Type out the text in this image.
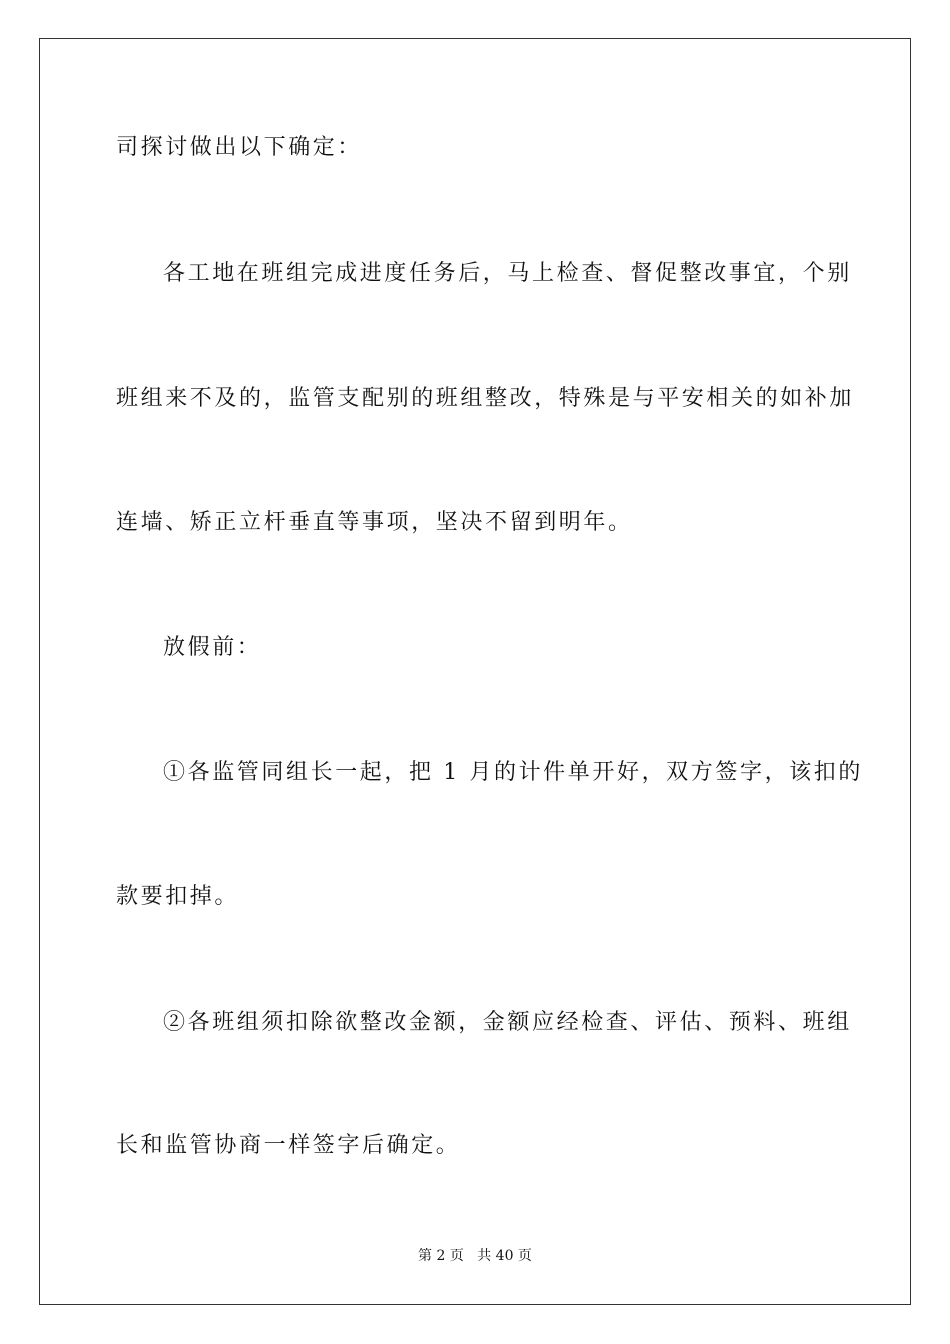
司探讨做出以下确定：
各工地在班组完成进度任务后，马上检查、督促整改事宜，个别
班组来不及的，监管支配别的班组整改，特殊是与平安相关的如补加
连墙、矫正立杆垂直等事项，坚决不留到明年。
放假前：
①各监管同组长一起，把 1 月的计件单开好，双方签字，该扣的
款要扣掉。
②各班组须扣除欲整改金额，金额应经检查、评估、预料、班组
长和监管协商一样签字后确定。
第 2 页 共 40 页
